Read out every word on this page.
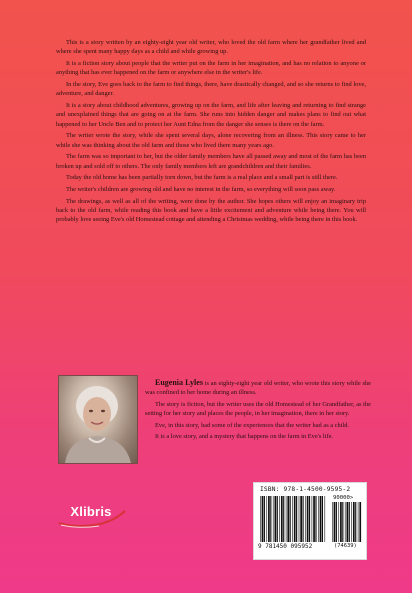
This is a story written by an eighty-eight year old writer, who loved the old farm where her grandfather lived and where she spent many happy days as a child and while growing up.

It is a fiction story about people that the writer put on the farm in her imagination, and has no relation to anyone or anything that has ever happened on the farm or anywhere else in the writer's life.

In the story, Eve goes back to the farm to find things, there, have drastically changed, and so she returns to find love, adventure, and danger.

It is a story about childhood adventures, growing up on the farm, and life after leaving and returning to find strange and unexplained things that are going on at the farm. She runs into hidden danger and makes plans to find out what happened to her Uncle Ben and to protect her Aunt Edna from the danger she senses is there on the farm.

The writer wrote the story, while she spent several days, alone recovering from an illness. This story came to her while she was thinking about the old farm and those who lived there many years ago.

The farm was so important to her, but the older family members have all passed away and most of the farm has been broken up and sold off to others. The only family members left are grandchildren and their families.

Today the old home has been partially torn down, but the farm is a real place and a small part is still there.

The writer's children are growing old and have no interest in the farm, so everything will soon pass away.

The drawings, as well as all of the writing, were done by the author. She hopes others will enjoy an imaginary trip back to the old farm, while reading this book and have a little excitement and adventure while being there. You will probably love seeing Eve's old Homestead cottage and attending a Christmas wedding, while being there in this book.

Eugenia Lyles is an eighty-eight year old writer, who wrote this story while she was confined to her home during an illness.

The story is fiction, but the writer uses the old Homestead of her Grandfather, as the setting for her story and places the people, in her imagination, there in her story.

Eve, in this story, had some of the experiences that the writer had as a child.

It is a love story, and a mystery that happens on the farm in Eve's life.

Xlibris
ISBN: 978-1-4500-9595-2
90000>
9 781450 095952	(74639)
